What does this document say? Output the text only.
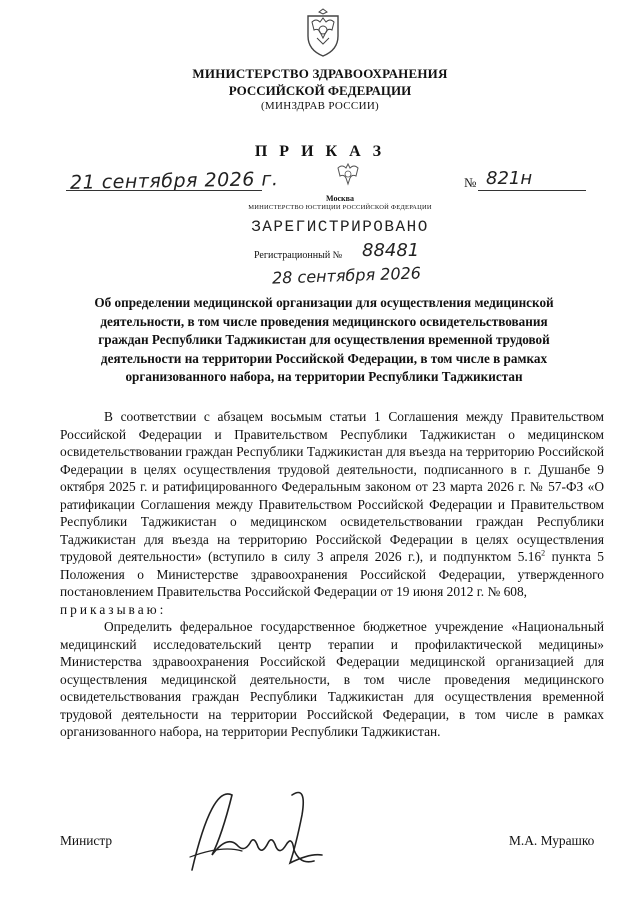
МИНИСТЕРСТВО ЗДРАВООХРАНЕНИЯ
РОССИЙСКОЙ ФЕДЕРАЦИИ
(МИНЗДРАВ РОССИИ)
П Р И К А З
21 сентября 2026 г.	№ 821н
Москва
МИНИСТЕРСТВО ЮСТИЦИИ РОССИЙСКОЙ ФЕДЕРАЦИИ
ЗАРЕГИСТРИРОВАНО
Регистрационный № 88481
28 сентября 2026
Об определении медицинской организации для осуществления медицинской деятельности, в том числе проведения медицинского освидетельствования граждан Республики Таджикистан для осуществления временной трудовой деятельности на территории Российской Федерации, в том числе в рамках организованного набора, на территории Республики Таджикистан

В соответствии с абзацем восьмым статьи 1 Соглашения между Правительством Российской Федерации и Правительством Республики Таджикистан о медицинском освидетельствовании граждан Республики Таджикистан для въезда на территорию Российской Федерации в целях осуществления трудовой деятельности, подписанного в г. Душанбе 9 октября 2025 г. и ратифицированного Федеральным законом от 23 марта 2026 г. № 57-ФЗ «О ратификации Соглашения между Правительством Российской Федерации и Правительством Республики Таджикистан о медицинском освидетельствовании граждан Республики Таджикистан для въезда на территорию Российской Федерации в целях осуществления трудовой деятельности» (вступило в силу 3 апреля 2026 г.), и подпунктом 5.16$^2$ пункта 5 Положения о Министерстве здравоохранения Российской Федерации, утвержденного постановлением Правительства Российской Федерации от 19 июня 2012 г. № 608,
приказываю:

Определить федеральное государственное бюджетное учреждение «Национальный медицинский исследовательский центр терапии и профилактической медицины» Министерства здравоохранения Российской Федерации медицинской организацией для осуществления медицинской деятельности, в том числе проведения медицинского освидетельствования граждан Республики Таджикистан для осуществления временной трудовой деятельности на территории Российской Федерации, в том числе в рамках организованного набора, на территории Республики Таджикистан.

Министр	М.А. Мурашко
